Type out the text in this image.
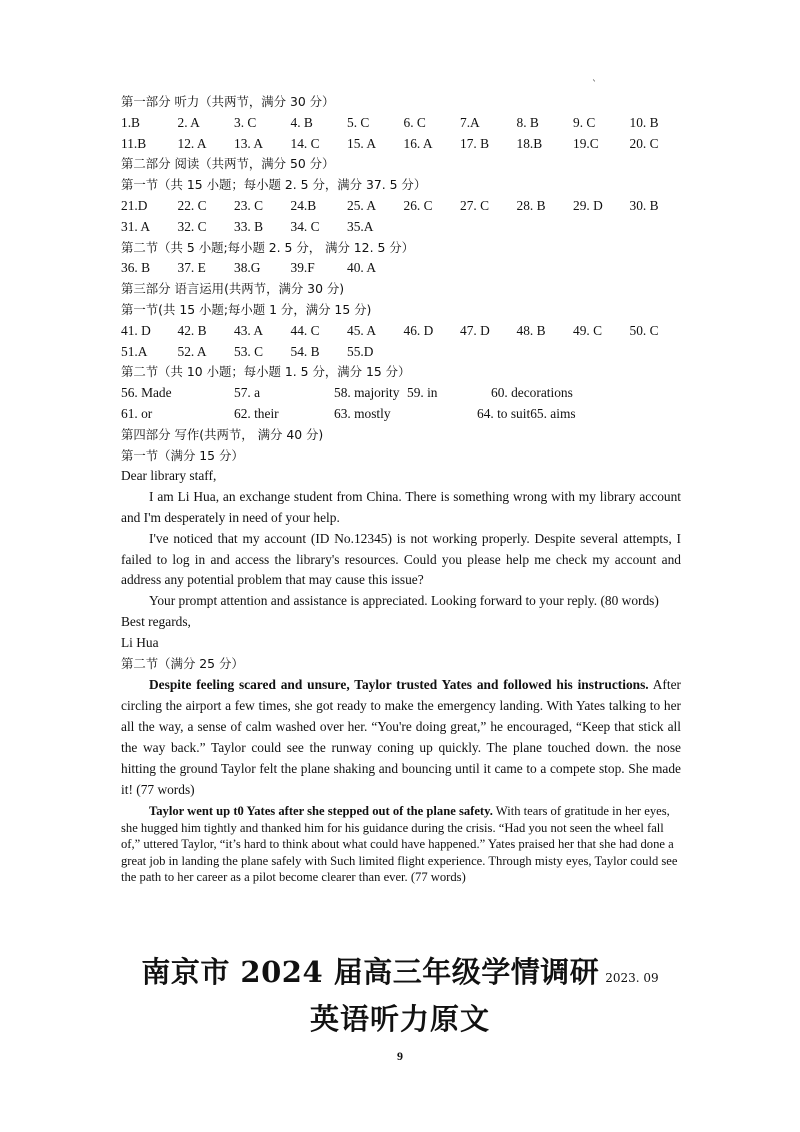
`
第一部分 听力（共两节，满分 30 分）
1.B	2. A	3. C	4. B	5. C	6. C	7.A	8. B	9. C	10. B
11.B	12. A	13. A	14. C	15. A	16. A	17. B	18.B	19.C	20. C
第二部分 阅读（共两节，满分 50 分）
第一节（共 15 小题；每小题 2. 5 分，满分 37. 5 分）
21.D	22. C	23. C	24.B	25. A	26. C	27. C	28. B	29. D	30. B
31. A	32. C	33. B	34. C	35.A
第二节（共 5 小题;每小题 2. 5 分， 满分 12. 5 分）
36. B	37. E	38.G	39.F	40. A
第三部分 语言运用(共两节，满分 30 分)
第一节(共 15 小题;每小题 1 分，满分 15 分)
41. D	42. B	43. A	44. C	45. A	46. D	47. D	48. B	49. C	50. C
51.A	52. A	53. C	54. B	55.D
第二节（共 10 小题；每小题 1. 5 分，满分 15 分）
56. Made	57. a	58. majority 59. in	60. decorations
61. or	62. their	63. mostly	64. to suit 65. aims
第四部分 写作(共两节， 满分 40 分)
第一节（满分 15 分）
Dear library staff,
I am Li Hua, an exchange student from China. There is something wrong with my library account and I'm desperately in need of your help.
I've noticed that my account (ID No.12345) is not working properly. Despite several attempts, I failed to log in and access the library's resources. Could you please help me check my account and address any potential problem that may cause this issue?
Your prompt attention and assistance is appreciated. Looking forward to your reply. (80 words)
Best regards,
Li Hua
第二节（满分 25 分）
Despite feeling scared and unsure, Taylor trusted Yates and followed his instructions. After circling the airport a few times, she got ready to make the emergency landing. With Yates talking to her all the way, a sense of calm washed over her. “You're doing great,” he encouraged, “Keep that stick all the way back.” Taylor could see the runway coning up quickly. The plane touched down. the nose hitting the ground Taylor felt the plane shaking and bouncing until it came to a compete stop. She made it! (77 words)
Taylor went up t0 Yates after she stepped out of the plane safety. With tears of gratitude in her eyes, she hugged him tightly and thanked him for his guidance during the crisis. “Had you not seen the wheel fall of,” uttered Taylor, “it’s hard to think about what could have happened.” Yates praised her that she had done a great job in landing the plane safely with Such limited flight experience. Through misty eyes, Taylor could see the path to her career as a pilot become clearer than ever. (77 words)
南京市 2024 届高三年级学情调研 2023. 09
英语听力原文
9
